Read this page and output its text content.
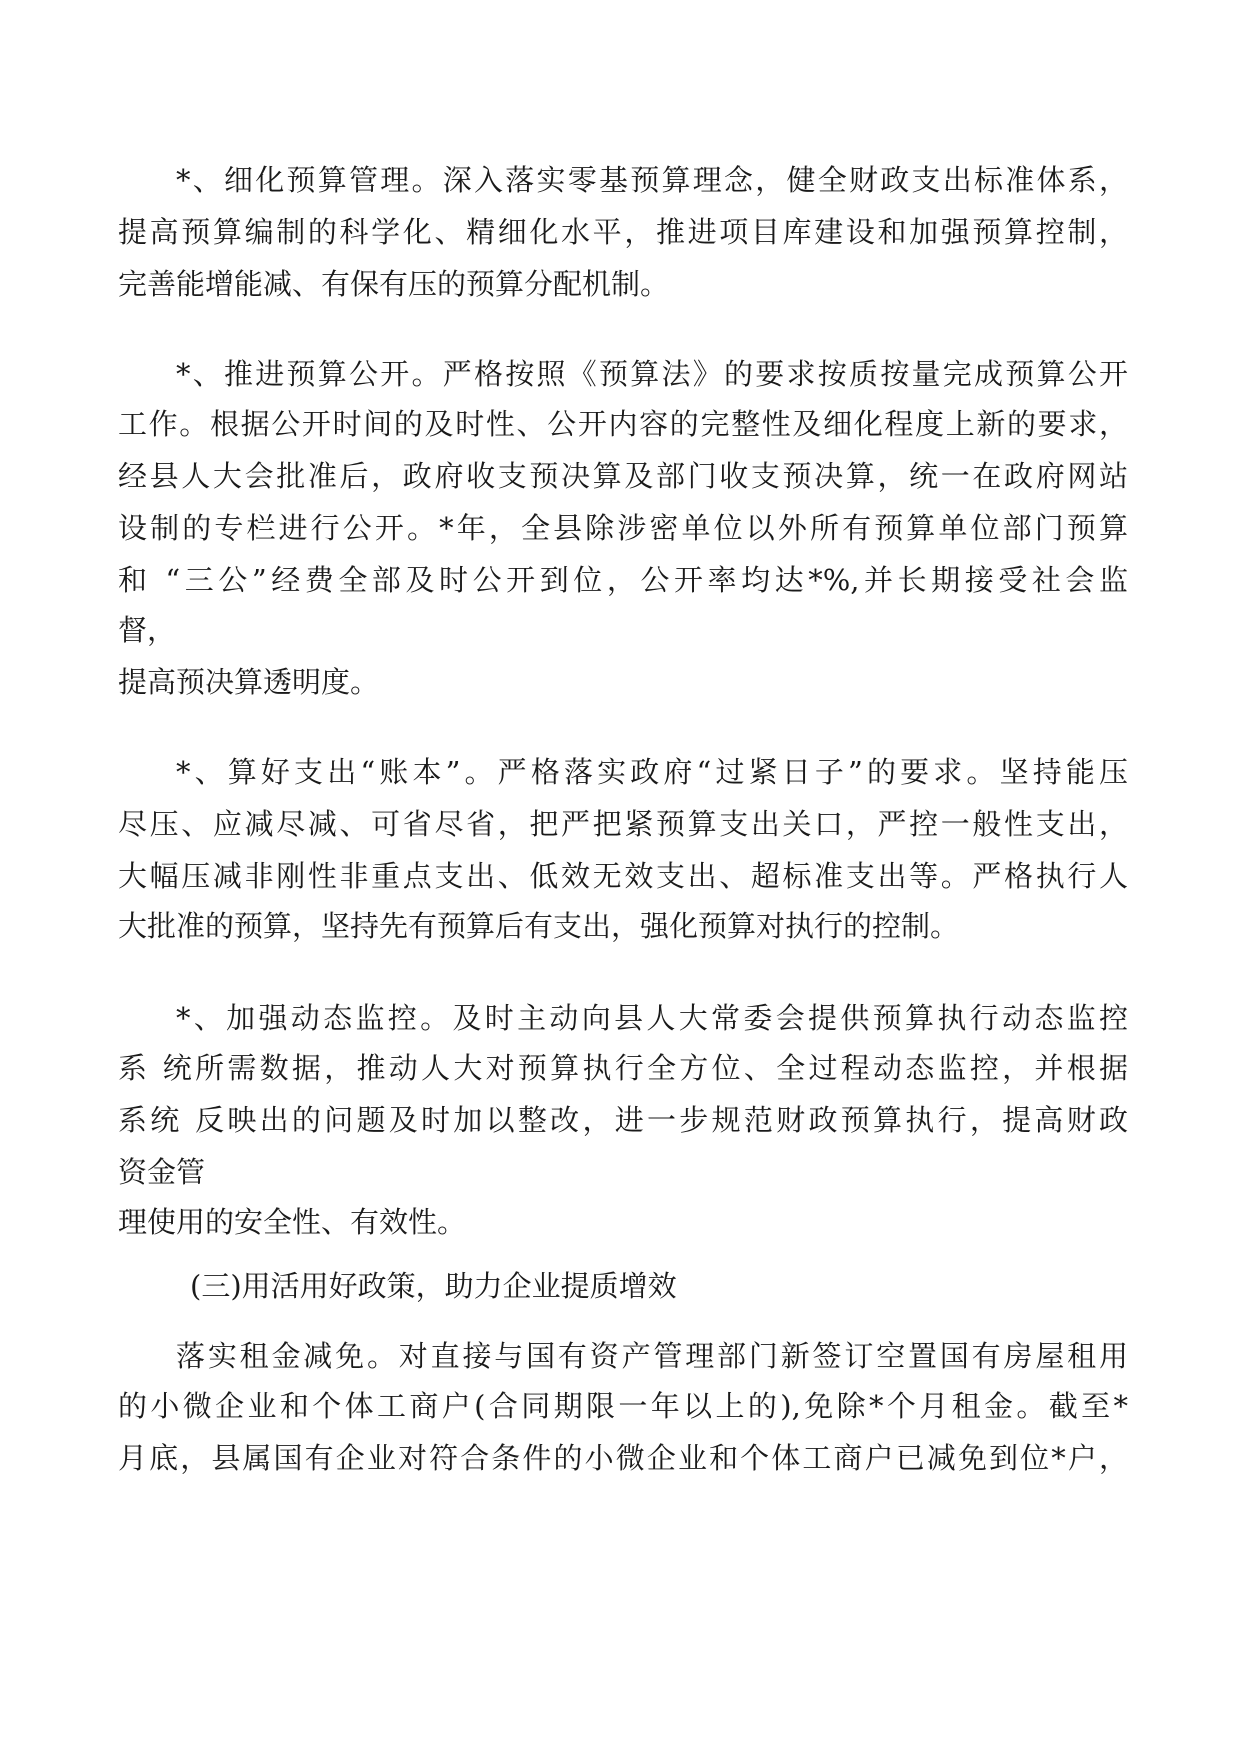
*、细化预算管理。深入落实零基预算理念，健全财政支出标准体系，

提高预算编制的科学化、精细化水平，推进项目库建设和加强预算控制，

完善能增能减、有保有压的预算分配机制。

*、推进预算公开。严格按照《预算法》的要求按质按量完成预算公开

工作。根据公开时间的及时性、公开内容的完整性及细化程度上新的要求，

经县人大会批准后，政府收支预决算及部门收支预决算，统一在政府网站

设制的专栏进行公开。*年，全县除涉密单位以外所有预算单位部门预算

和 “三公”经费全部及时公开到位，公开率均达*%,并长期接受社会监

督，

提高预决算透明度。

*、算好支出“账本”。严格落实政府“过紧日子”的要求。坚持能压

尽压、应减尽减、可省尽省，把严把紧预算支出关口，严控一般性支出，

大幅压减非刚性非重点支出、低效无效支出、超标准支出等。严格执行人

大批准的预算，坚持先有预算后有支出，强化预算对执行的控制。

*、加强动态监控。及时主动向县人大常委会提供预算执行动态监控

系 统所需数据，推动人大对预算执行全方位、全过程动态监控，并根据

系统 反映出的问题及时加以整改，进一步规范财政预算执行，提高财政

资金管

理使用的安全性、有效性。

(三)用活用好政策，助力企业提质增效

落实租金减免。对直接与国有资产管理部门新签订空置国有房屋租用

的小微企业和个体工商户(合同期限一年以上的),免除*个月租金。截至*

月底，县属国有企业对符合条件的小微企业和个体工商户已减免到位*户，
